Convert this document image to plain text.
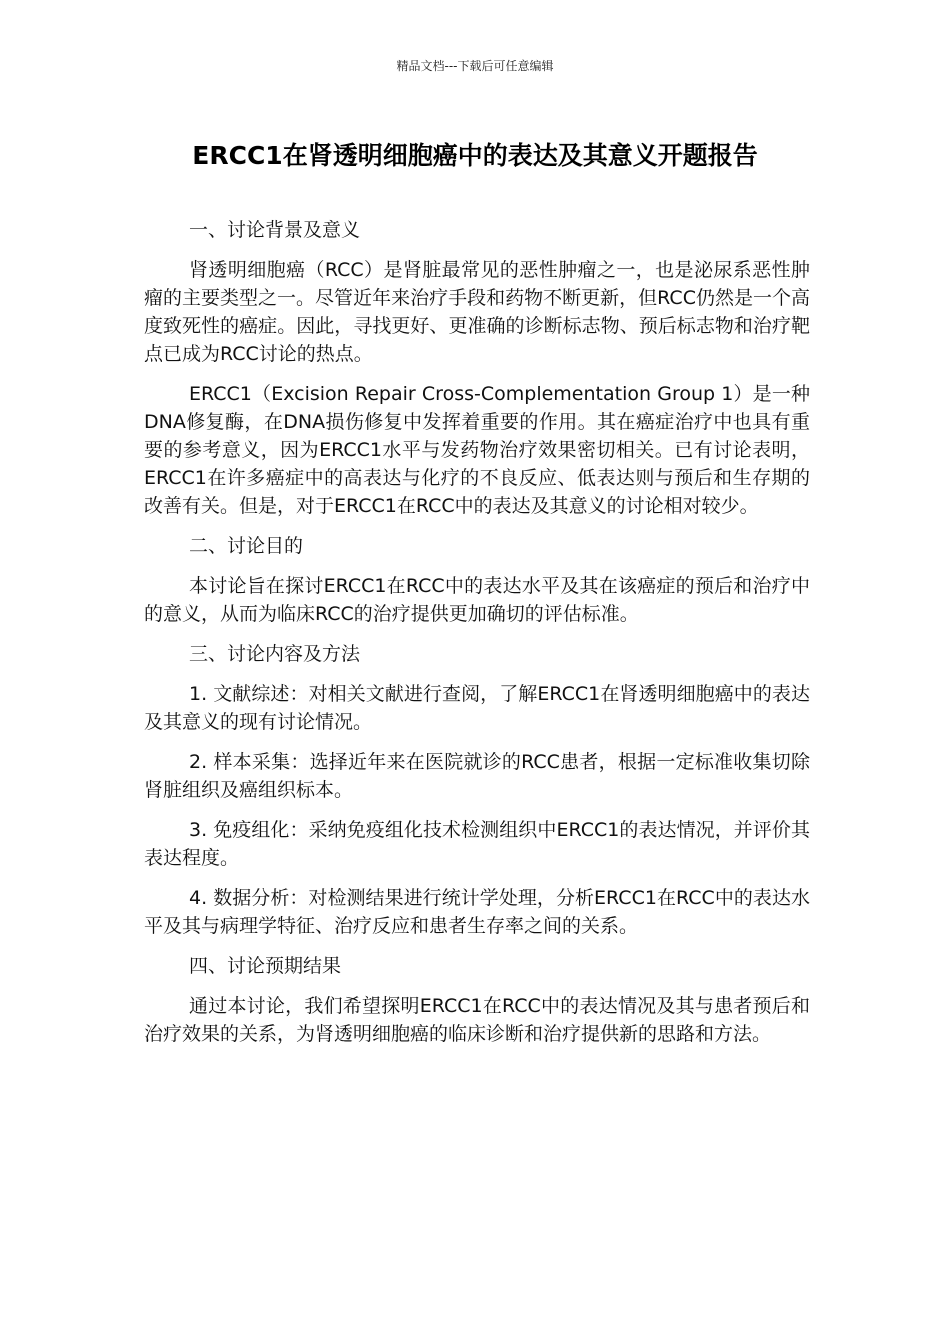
精品文档---下载后可任意编辑
ERCC1在肾透明细胞癌中的表达及其意义开题报告

一、讨论背景及意义

肾透明细胞癌（RCC）是肾脏最常见的恶性肿瘤之一，也是泌尿系恶性肿瘤的主要类型之一。尽管近年来治疗手段和药物不断更新，但RCC仍然是一个高度致死性的癌症。因此，寻找更好、更准确的诊断标志物、预后标志物和治疗靶点已成为RCC讨论的热点。

ERCC1（Excision Repair Cross-Complementation Group 1）是一种DNA修复酶，在DNA损伤修复中发挥着重要的作用。其在癌症治疗中也具有重要的参考意义，因为ERCC1水平与发药物治疗效果密切相关。已有讨论表明，ERCC1在许多癌症中的高表达与化疗的不良反应、低表达则与预后和生存期的改善有关。但是，对于ERCC1在RCC中的表达及其意义的讨论相对较少。

二、讨论目的

本讨论旨在探讨ERCC1在RCC中的表达水平及其在该癌症的预后和治疗中的意义，从而为临床RCC的治疗提供更加确切的评估标准。

三、讨论内容及方法

1. 文献综述：对相关文献进行查阅，了解ERCC1在肾透明细胞癌中的表达及其意义的现有讨论情况。

2. 样本采集：选择近年来在医院就诊的RCC患者，根据一定标准收集切除肾脏组织及癌组织标本。

3. 免疫组化：采纳免疫组化技术检测组织中ERCC1的表达情况，并评价其表达程度。

4. 数据分析：对检测结果进行统计学处理，分析ERCC1在RCC中的表达水平及其与病理学特征、治疗反应和患者生存率之间的关系。

四、讨论预期结果

通过本讨论，我们希望探明ERCC1在RCC中的表达情况及其与患者预后和治疗效果的关系，为肾透明细胞癌的临床诊断和治疗提供新的思路和方法。
